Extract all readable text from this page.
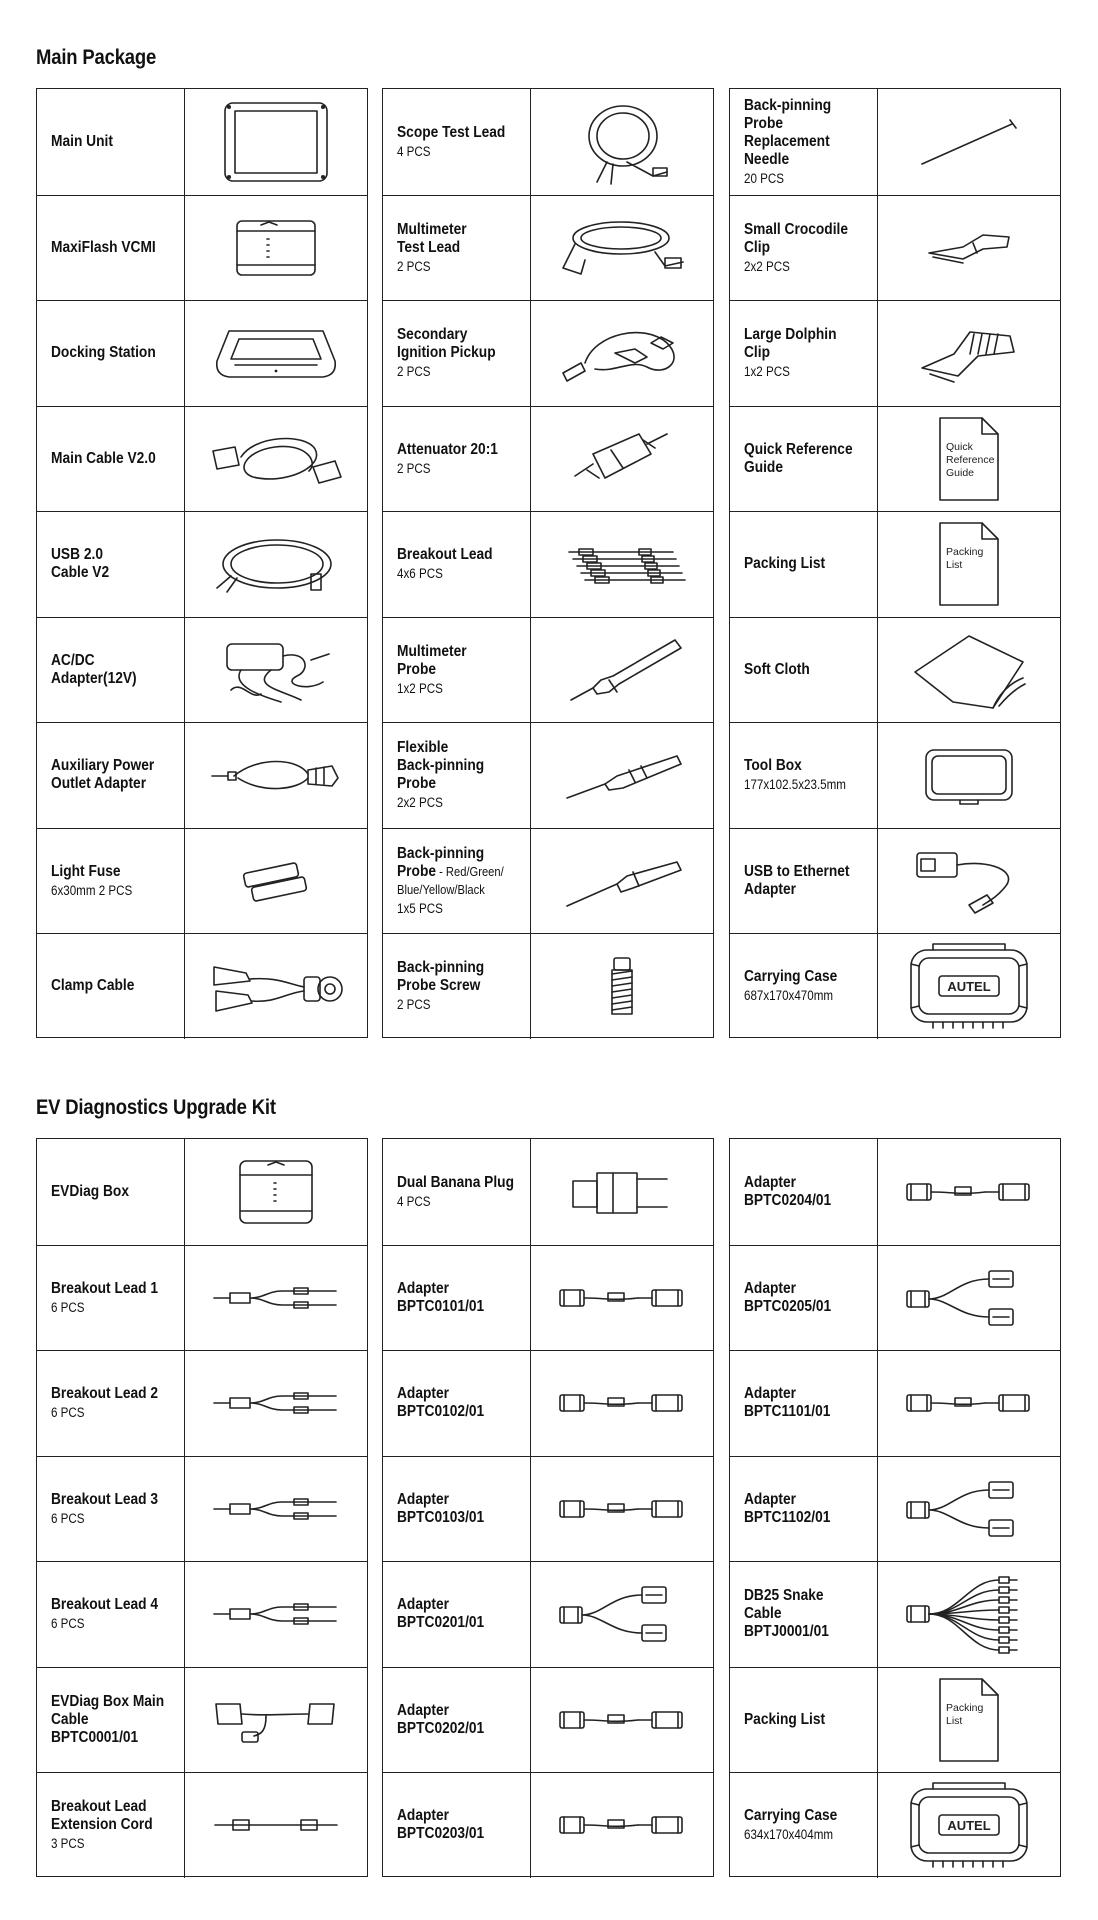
Main Package
Main Unit
MaxiFlash VCMI
Docking Station
Main Cable V2.0
USB 2.0
Cable V2
AC/DC
Adapter(12V)
Auxiliary Power
Outlet Adapter
Light Fuse
6x30mm 2 PCS
Clamp Cable
Scope Test Lead
4 PCS
Multimeter
Test Lead
2 PCS
Secondary
Ignition Pickup
2 PCS
Attenuator 20:1
2 PCS
Breakout Lead
4x6 PCS
Multimeter
Probe
1x2 PCS
Flexible
Back-pinning
Probe
2x2 PCS
Back-pinning
Probe - Red/Green/
Blue/Yellow/Black
1x5 PCS
Back-pinning
Probe Screw
2 PCS
Back-pinning
Probe
Replacement
Needle
20 PCS
Small Crocodile
Clip
2x2 PCS
Large Dolphin
Clip
1x2 PCS
Quick Reference
Guide
Quick
Reference
Guide
Packing List
Packing
List
Soft Cloth
Tool Box
177x102.5x23.5mm
USB to Ethernet
Adapter
Carrying Case
687x170x470mm
AUTEL
EV Diagnostics Upgrade Kit
EVDiag Box
Breakout Lead 1
6 PCS
Breakout Lead 2
6 PCS
Breakout Lead 3
6 PCS
Breakout Lead 4
6 PCS
EVDiag Box Main
Cable
BPTC0001/01
Breakout Lead
Extension Cord
3 PCS
Dual Banana Plug
4 PCS
Adapter
BPTC0101/01
Adapter
BPTC0102/01
Adapter
BPTC0103/01
Adapter
BPTC0201/01
Adapter
BPTC0202/01
Adapter
BPTC0203/01
Adapter
BPTC0204/01
Adapter
BPTC0205/01
Adapter
BPTC1101/01
Adapter
BPTC1102/01
DB25 Snake
Cable
BPTJ0001/01
Packing List
Packing
List
Carrying Case
634x170x404mm
AUTEL
